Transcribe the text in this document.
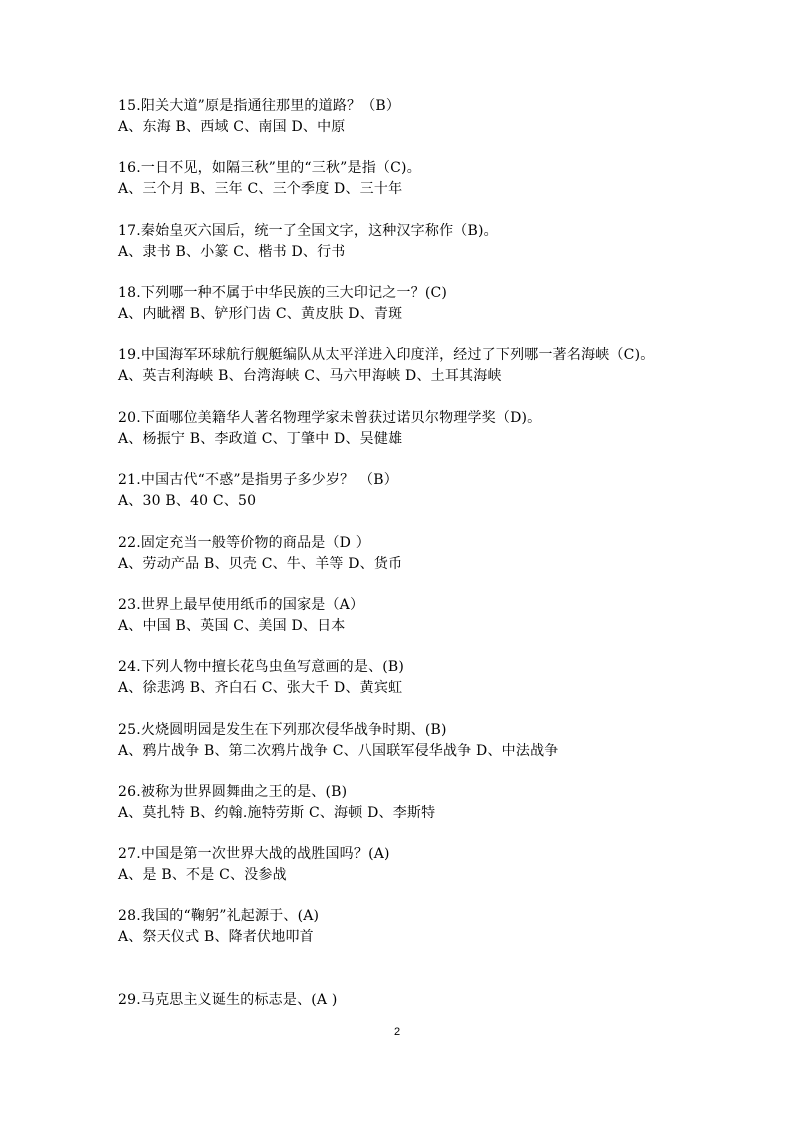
15.阳关大道”原是指通往那里的道路？（B）
A、东海 B、西域 C、南国 D、中原
16.一日不见，如隔三秋”里的“三秋”是指（C)。
A、三个月 B、三年 C、三个季度 D、三十年
17.秦始皇灭六国后，统一了全国文字，这种汉字称作（B)。
A、隶书 B、小篆 C、楷书 D、行书
18.下列哪一种不属于中华民族的三大印记之一？(C)
A、内眦褶 B、铲形门齿 C、黄皮肤 D、青斑
19.中国海军环球航行舰艇编队从太平洋进入印度洋，经过了下列哪一著名海峡（C)。
A、英吉利海峡 B、台湾海峡 C、马六甲海峡 D、土耳其海峡
20.下面哪位美籍华人著名物理学家未曾获过诺贝尔物理学奖（D)。
A、杨振宁 B、李政道 C、丁肇中 D、吴健雄
21.中国古代“不惑”是指男子多少岁？ （B）
A、30 B、40 C、50
22.固定充当一般等价物的商品是（D ）
A、劳动产品 B、贝壳 C、牛、羊等 D、货币
23.世界上最早使用纸币的国家是（A）
A、中国 B、英国 C、美国 D、日本
24.下列人物中擅长花鸟虫鱼写意画的是、(B)
A、徐悲鸿 B、齐白石 C、张大千 D、黄宾虹
25.火烧圆明园是发生在下列那次侵华战争时期、(B)
A、鸦片战争 B、第二次鸦片战争 C、八国联军侵华战争 D、中法战争
26.被称为世界圆舞曲之王的是、(B)
A、莫扎特 B、约翰.施特劳斯 C、海顿 D、李斯特
27.中国是第一次世界大战的战胜国吗？(A)
A、是 B、不是 C、没参战
28.我国的“鞠躬”礼起源于、(A)
A、祭天仪式 B、降者伏地叩首
29.马克思主义诞生的标志是、(A )
2
